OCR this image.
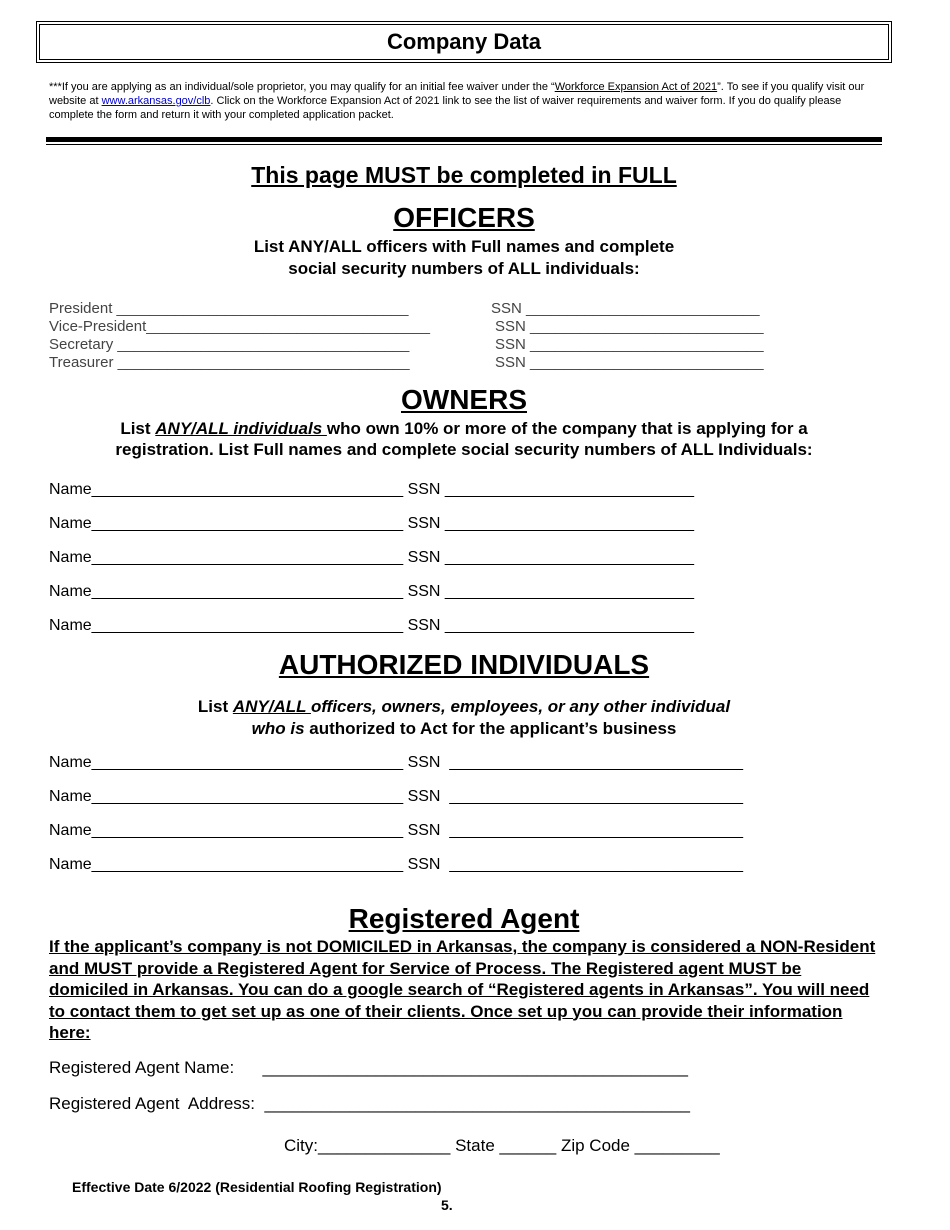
Company Data
***If you are applying as an individual/sole proprietor, you may qualify for an initial fee waiver under the “Workforce Expansion Act of 2021”. To see if you qualify visit our website at www.arkansas.gov/clb. Click on the Workforce Expansion Act of 2021 link to see the list of waiver requirements and waiver form. If you do qualify please complete the form and return it with your completed application packet.
This page MUST be completed in FULL
OFFICERS
List ANY/ALL officers with Full names and complete
social security numbers of ALL individuals:
President ___________________________________	SSN ____________________________
Vice-President__________________________________	SSN ____________________________
Secretary ___________________________________	SSN ____________________________
Treasurer ___________________________________	SSN ____________________________
OWNERS
List ANY/ALL individuals who own 10% or more of the company that is applying for a
registration. List Full names and complete social security numbers of ALL Individuals:
Name___________________________________ SSN ____________________________
Name___________________________________ SSN ____________________________
Name___________________________________ SSN ____________________________
Name___________________________________ SSN ____________________________
Name___________________________________ SSN ____________________________
AUTHORIZED INDIVIDUALS
List ANY/ALL officers, owners, employees, or any other individual
who is authorized to Act for the applicant’s business
Name___________________________________ SSN  _________________________________
Name___________________________________ SSN  _________________________________
Name___________________________________ SSN  _________________________________
Name___________________________________ SSN  _________________________________
Registered Agent
If the applicant’s company is not DOMICILED in Arkansas, the company is considered a NON-Resident and MUST provide a Registered Agent for Service of Process. The Registered agent MUST be domiciled in Arkansas. You can do a google search of “Registered agents in Arkansas”. You will need to contact them to get set up as one of their clients. Once set up you can provide their information here:
Registered Agent Name:      _____________________________________________
Registered Agent  Address:  _____________________________________________
City:______________ State ______ Zip Code _________
Effective Date 6/2022 (Residential Roofing Registration)
5.
